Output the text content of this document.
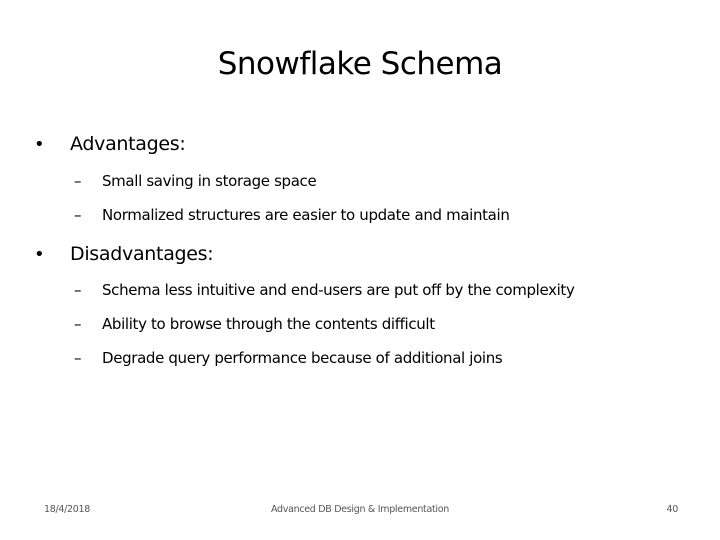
Snowflake Schema
• Advantages:
– Small saving in storage space
– Normalized structures are easier to update and maintain
• Disadvantages:
– Schema less intuitive and end-users are put off by the complexity
– Ability to browse through the contents difficult
– Degrade query performance because of additional joins
18/4/2018	Advanced DB Design & Implementation	40
